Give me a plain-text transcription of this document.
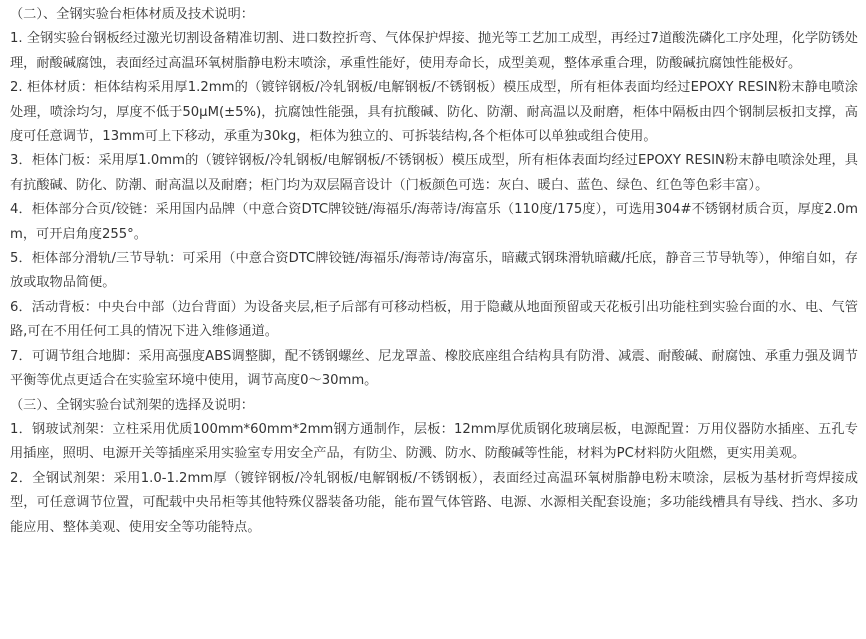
（二）、全钢实验台柜体材质及技术说明：

1. 全钢实验台钢板经过激光切割设备精准切割、进口数控折弯、气体保护焊接、抛光等工艺加工成型，再经过7道酸洗磷化工序处理，化学防锈处理，耐酸碱腐蚀，表面经过高温环氧树脂静电粉末喷涂，承重性能好，使用寿命长，成型美观，整体承重合理，防酸碱抗腐蚀性能极好。

2. 柜体材质：柜体结构采用厚1.2mm的（镀锌钢板/冷轧钢板/电解钢板/不锈钢板）模压成型，所有柜体表面均经过EPOXY RESIN粉末静电喷涂处理，喷涂均匀，厚度不低于50μM(±5%)，抗腐蚀性能强，具有抗酸碱、防化、防潮、耐高温以及耐磨，柜体中隔板由四个钢制层板扣支撑，高度可任意调节，13mm可上下移动，承重为30kg，柜体为独立的、可拆装结构,各个柜体可以单独或组合使用。

3．柜体门板：采用厚1.0mm的（镀锌钢板/冷轧钢板/电解钢板/不锈钢板）模压成型，所有柜体表面均经过EPOXY RESIN粉末静电喷涂处理，具有抗酸碱、防化、防潮、耐高温以及耐磨；柜门均为双层隔音设计（门板颜色可选：灰白、暖白、蓝色、绿色、红色等色彩丰富）。

4．柜体部分合页/铰链：采用国内品牌（中意合资DTC牌铰链/海福乐/海蒂诗/海富乐（110度/175度），可选用304#不锈钢材质合页，厚度2.0mm，可开启角度255°。

5．柜体部分滑轨/三节导轨：可采用（中意合资DTC牌铰链/海福乐/海蒂诗/海富乐，暗藏式钢珠滑轨暗藏/托底，静音三节导轨等），伸缩自如，存放或取物品简便。

6．活动背板：中央台中部（边台背面）为设备夹层,柜子后部有可移动档板，用于隐藏从地面预留或天花板引出功能柱到实验台面的水、电、气管路,可在不用任何工具的情况下进入维修通道。

7．可调节组合地脚：采用高强度ABS调整脚，配不锈钢螺丝、尼龙罩盖、橡胶底座组合结构具有防滑、减震、耐酸碱、耐腐蚀、承重力强及调节平衡等优点更适合在实验室环境中使用，调节高度0～30mm。

（三）、全钢实验台试剂架的选择及说明：

1．钢玻试剂架：立柱采用优质100mm*60mm*2mm钢方通制作，层板：12mm厚优质钢化玻璃层板，电源配置：万用仪器防水插座、五孔专用插座，照明、电源开关等插座采用实验室专用安全产品，有防尘、防溅、防水、防酸碱等性能，材料为PC材料防火阻燃，更实用美观。

2．全钢试剂架：采用1.0-1.2mm厚（镀锌钢板/冷轧钢板/电解钢板/不锈钢板），表面经过高温环氧树脂静电粉末喷涂，层板为基材折弯焊接成型，可任意调节位置，可配载中央吊柜等其他特殊仪器装备功能，能布置气体管路、电源、水源相关配套设施；多功能线槽具有导线、挡水、多功能应用、整体美观、使用安全等功能特点。
